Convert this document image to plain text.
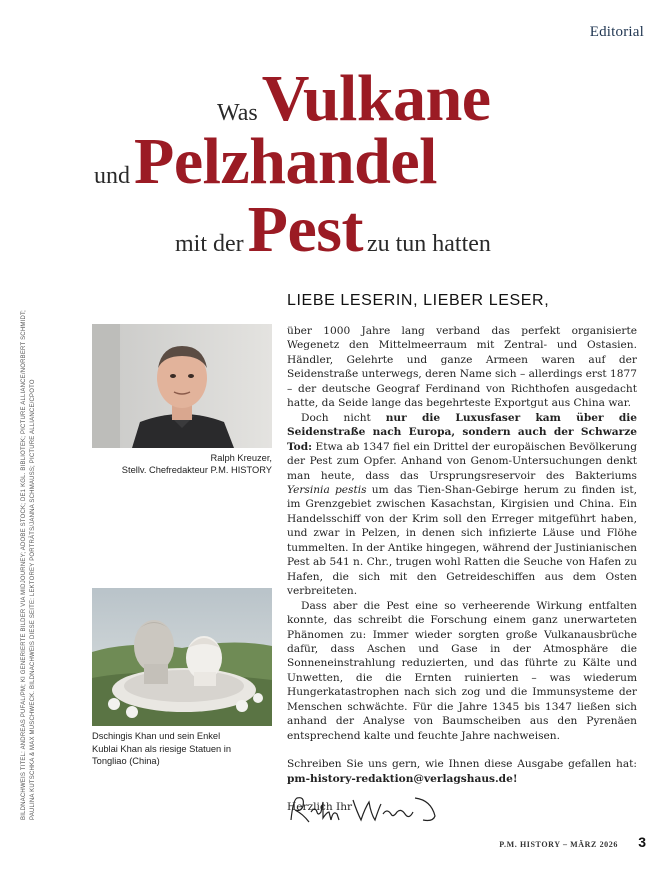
Editorial
Was Vulkane
und Pelzhandel
mit der Pest zu tun hatten
BILDNACHWEIS TITEL: ANDREAS PUFAL/PM; KI GENERIERTE BILDER VIA MIDJOURNEY; ADOBE STOCK; DE1 KGL. BIBLIOTEK; PICTURE ALLIANCE/NORBERT SCHMIDT; PAULINA KUTSCHKA & MAX MUSCHWECK. BILDNACHWEIS DIESE SEITE: LEKTOREY PORTRÄTS/JANNA SCHMAUSS; PICTURE ALLIANCE/CPOTO	Ralph Kreuzer,
Stellv. Chefredakteur P.M. HISTORY
Dschingis Khan und sein Enkel
Kublai Khan als riesige Statuen in
Tongliao (China)
LIEBE LESERIN, LIEBER LESER,

über 1000 Jahre lang verband das perfekt organisierte Wegenetz den Mittelmeerraum mit Zentral- und Ostasien. Händler, Gelehrte und ganze Armeen waren auf der Seidenstraße unterwegs, deren Name sich – allerdings erst 1877 – der deutsche Geograf Ferdinand von Richthofen ausgedacht hatte, da Seide lange das begehrteste Exportgut aus China war.

Doch nicht nur die Luxusfaser kam über die Seidenstraße nach Europa, sondern auch der Schwarze Tod: Etwa ab 1347 fiel ein Drittel der europäischen Bevölkerung der Pest zum Opfer. Anhand von Genom-Untersuchungen denkt man heute, dass das Ursprungsreservoir des Bakteriums Yersinia pestis um das Tien-Shan-Gebirge herum zu finden ist, im Grenzgebiet zwischen Kasachstan, Kirgisien und China. Ein Handelsschiff von der Krim soll den Erreger mitgeführt haben, und zwar in Pelzen, in denen sich infizierte Läuse und Flöhe tummelten. In der Antike hingegen, während der Justinianischen Pest ab 541 n. Chr., trugen wohl Ratten die Seuche von Hafen zu Hafen, die sich mit den Getreideschiffen aus dem Osten verbreiteten.

Dass aber die Pest eine so verheerende Wirkung entfalten konnte, das schreibt die Forschung einem ganz unerwarteten Phänomen zu: Immer wieder sorgten große Vulkanausbrüche dafür, dass Aschen und Gase in der Atmosphäre die Sonneneinstrahlung reduzierten, und das führte zu Kälte und Unwetten, die die Ernten ruinierten – was wiederum Hungerkatastrophen nach sich zog und die Immunsysteme der Menschen schwächte. Für die Jahre 1345 bis 1347 ließen sich anhand der Analyse von Baumscheiben aus den Pyrenäen entsprechend kalte und feuchte Jahre nachweisen.

Schreiben Sie uns gern, wie Ihnen diese Ausgabe gefallen hat: pm-history-redaktion@verlagshaus.de!

Herzlich Ihr

P.M. HISTORY – MÄRZ 2026 3
